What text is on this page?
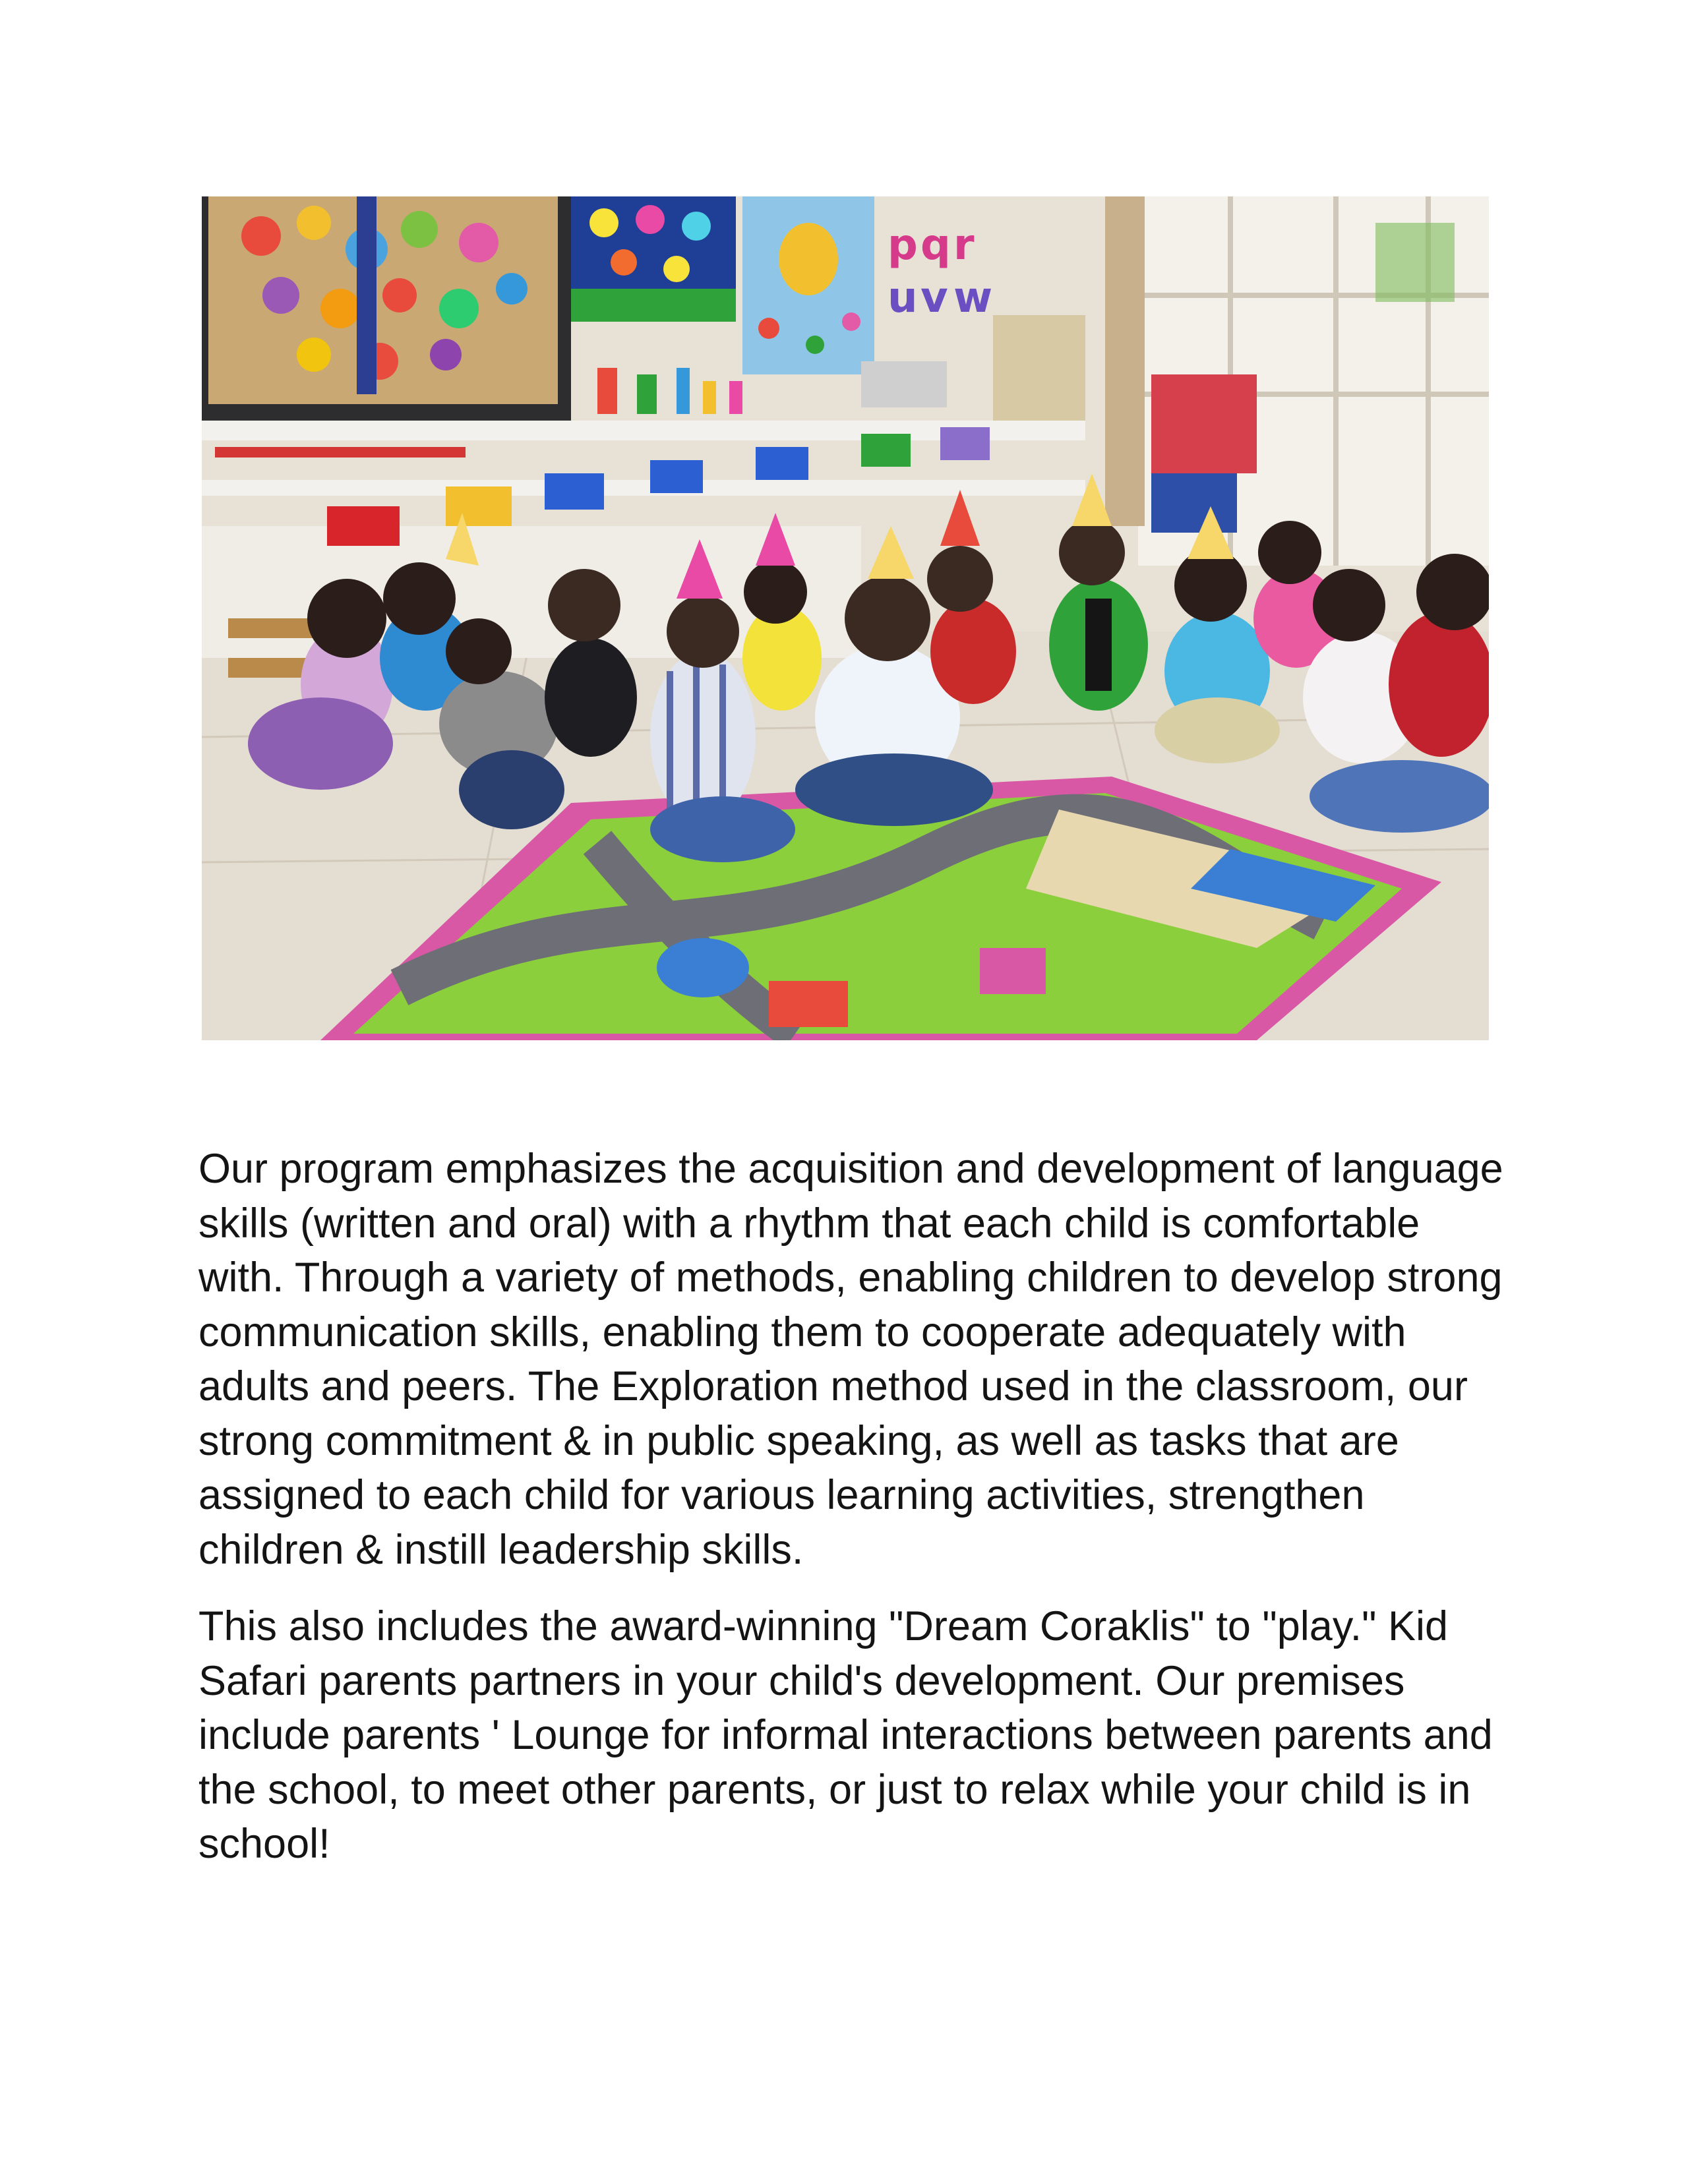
p q r
u v w

Our program emphasizes the acquisition and development of language skills (written and oral) with a rhythm that each child is comfortable with. Through a variety of methods, enabling children to develop strong communication skills, enabling them to cooperate adequately with adults and peers. The Exploration method used in the classroom, our strong commitment & in public speaking, as well as tasks that are assigned to each child for various learning activities, strengthen children & instill leadership skills.

This also includes the award-winning "Dream Coraklis" to "play." Kid Safari parents partners in your child's development. Our premises include parents ' Lounge for informal interactions between parents and the school, to meet other parents, or just to relax while your child is in school!
